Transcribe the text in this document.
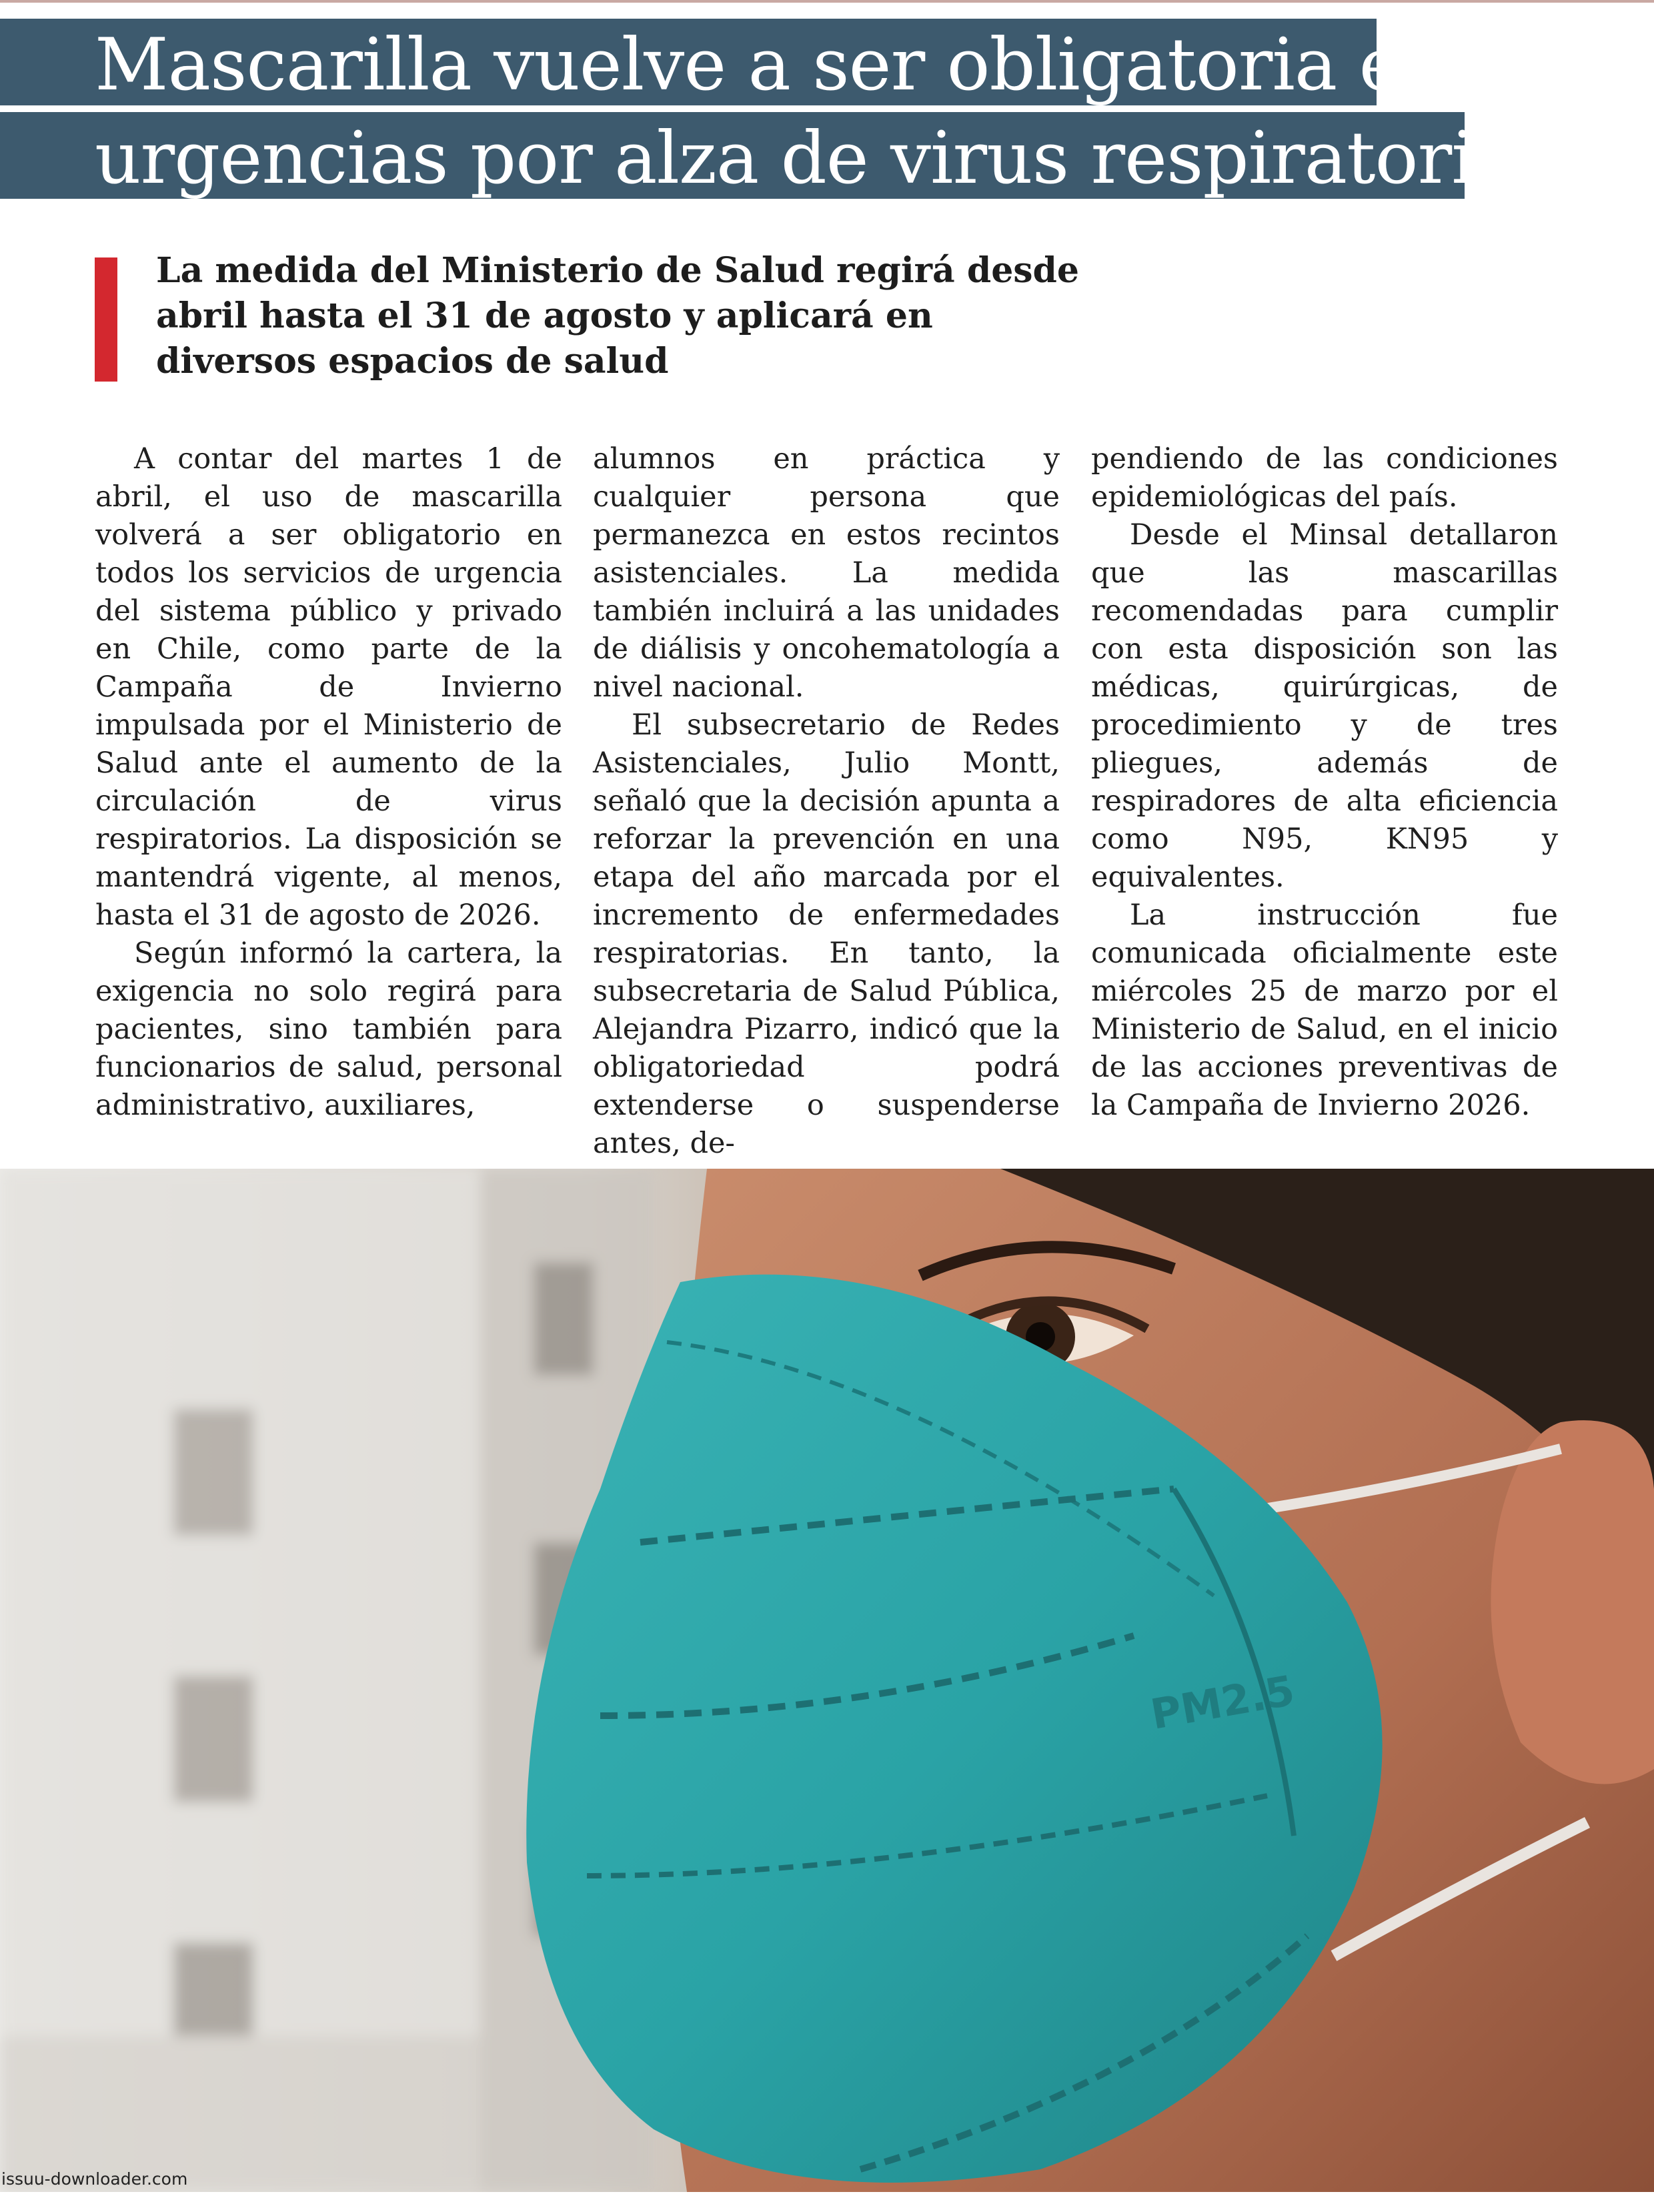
Mascarilla vuelve a ser obligatoria en
urgencias por alza de virus respiratorios
La medida del Ministerio de Salud regirá desde abril hasta el 31 de agosto y aplicará en diversos espacios de salud

A contar del martes 1 de abril, el uso de mascarilla volverá a ser obligatorio en todos los servicios de urgencia del sistema público y privado en Chile, como parte de la Campaña de Invierno impulsada por el Ministerio de Salud ante el aumento de la circulación de virus respiratorios. La disposición se mantendrá vigente, al menos, hasta el 31 de agosto de 2026.

Según informó la cartera, la exigencia no solo regirá para pacientes, sino también para funcionarios de salud, personal administrativo, auxiliares,

alumnos en práctica y cualquier persona que permanezca en estos recintos asistenciales. La medida también incluirá a las unidades de diálisis y oncohematología a nivel nacional.

El subsecretario de Redes Asistenciales, Julio Montt, señaló que la decisión apunta a reforzar la prevención en una etapa del año marcada por el incremento de enfermedades respiratorias. En tanto, la subsecretaria de Salud Pública, Alejandra Pizarro, indicó que la obligatoriedad podrá extenderse o suspenderse antes, de-

pendiendo de las condiciones epidemiológicas del país.

Desde el Minsal detallaron que las mascarillas recomendadas para cumplir con esta disposición son las médicas, quirúrgicas, de procedimiento y de tres pliegues, además de respiradores de alta eficiencia como N95, KN95 y equivalentes.

La instrucción fue comunicada oficialmente este miércoles 25 de marzo por el Ministerio de Salud, en el inicio de las acciones preventivas de la Campaña de Invierno 2026.

PM2.5
issuu-downloader.com
